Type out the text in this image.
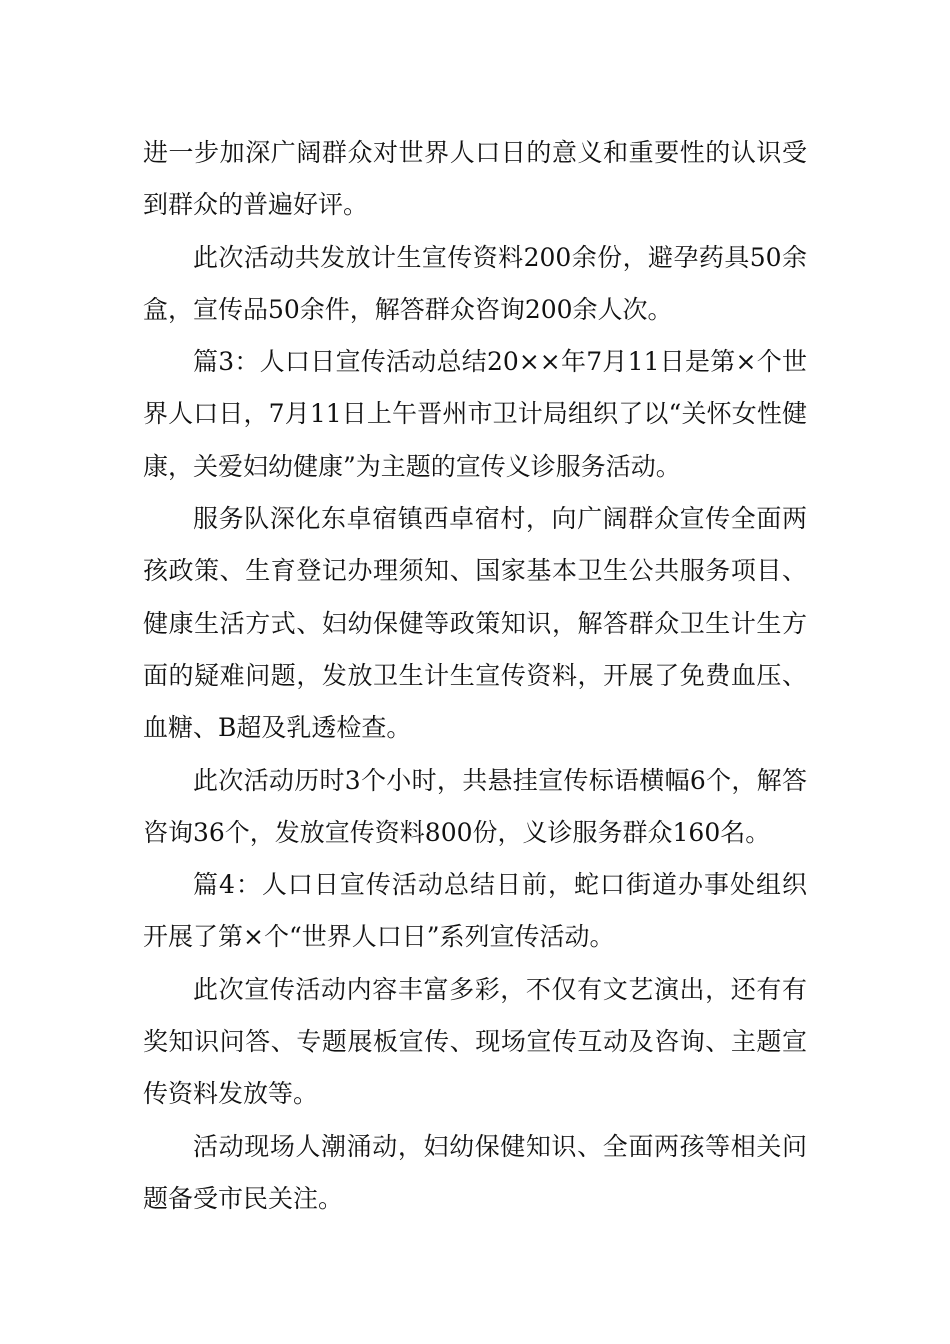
进一步加深广阔群众对世界人口日的意义和重要性的认识受到群众的普遍好评。

此次活动共发放计生宣传资料200余份，避孕药具50余盒，宣传品50余件，解答群众咨询200余人次。

篇3：人口日宣传活动总结20××年7月11日是第×个世界人口日，7月11日上午晋州市卫计局组织了以“关怀女性健康，关爱妇幼健康”为主题的宣传义诊服务活动。

服务队深化东卓宿镇西卓宿村，向广阔群众宣传全面两孩政策、生育登记办理须知、国家基本卫生公共服务项目、健康生活方式、妇幼保健等政策知识，解答群众卫生计生方面的疑难问题，发放卫生计生宣传资料，开展了免费血压、血糖、B超及乳透检查。

此次活动历时3个小时，共悬挂宣传标语横幅6个，解答咨询36个，发放宣传资料800份，义诊服务群众160名。

篇4：人口日宣传活动总结日前，蛇口街道办事处组织开展了第×个“世界人口日”系列宣传活动。

此次宣传活动内容丰富多彩，不仅有文艺演出，还有有奖知识问答、专题展板宣传、现场宣传互动及咨询、主题宣传资料发放等。

活动现场人潮涌动，妇幼保健知识、全面两孩等相关问题备受市民关注。
